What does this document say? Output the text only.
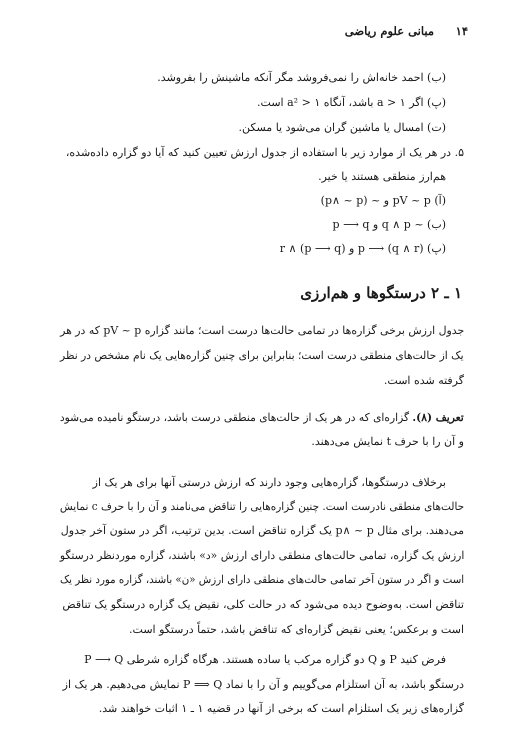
۱۴
مبانی علوم ریاضی
(ب) احمد خانه‌اش را نمی‌فروشد مگر آنکه ماشینش را بفروشد.
(پ) اگر ۱ < a باشد، آنگاه ۱ < a² است.
(ت) امسال یا ماشین گران می‌شود یا مسکن.
۵. در هر یک از موارد زیر با استفاده از جدول ارزش تعیین کنید که آیا دو گزاره داده‌شده،
هم‌ارز منطقی هستند یا خیر.
(آ) pV ~ p و ~ (p∧ ~ p)
(ب) ~ q ∧ p و p ⟶ q
(پ) p ⟶ (q ∧ r) و (p ⟶ q) ∧ r
۱ ـ ۲ درستگوها و هم‌ارزی
جدول ارزش برخی گزاره‌ها در تمامی حالت‌ها درست است؛ مانند گزاره pV ~ p که در هر
یک از حالت‌های منطقی درست است؛ بنابراین برای چنین گزاره‌هایی یک نام مشخص در نظر
گرفته شده است.
تعریف (۸). گزاره‌ای که در هر یک از حالت‌های منطقی درست باشد، درستگو نامیده می‌شود
و آن را با حرف t نمایش می‌دهند.
برخلاف درستگوها، گزاره‌هایی وجود دارند که ارزش درستی آنها برای هر یک از
حالت‌های منطقی نادرست است. چنین گزاره‌هایی را تناقض می‌نامند و آن را با حرف c نمایش
می‌دهند. برای مثال p∧ ~ p یک گزاره تناقض است. بدین ترتیب، اگر در ستون آخر جدول
ارزش یک گزاره، تمامی حالت‌های منطقی دارای ارزش «د» باشند، گزاره موردنظر درستگو
است و اگر در ستون آخر تمامی حالت‌های منطقی دارای ارزش «ن» باشند، گزاره مورد نظر یک
تناقض است. به‌وضوح دیده می‌شود که در حالت کلی، نقیض یک گزاره درستگو یک تناقض
است و برعکس؛ یعنی نقیض گزاره‌ای که تناقض باشد، حتماً درستگو است.
فرض کنید P و Q دو گزاره مرکب یا ساده هستند. هرگاه گزاره شرطی P ⟶ Q
درستگو باشد، به آن استلزام می‌گوییم و آن را با نماد P ⟹ Q نمایش می‌دهیم. هر یک از
گزاره‌های زیر یک استلزام است که برخی از آنها در قضیه ۱ ـ ۱ اثبات خواهند شد.
